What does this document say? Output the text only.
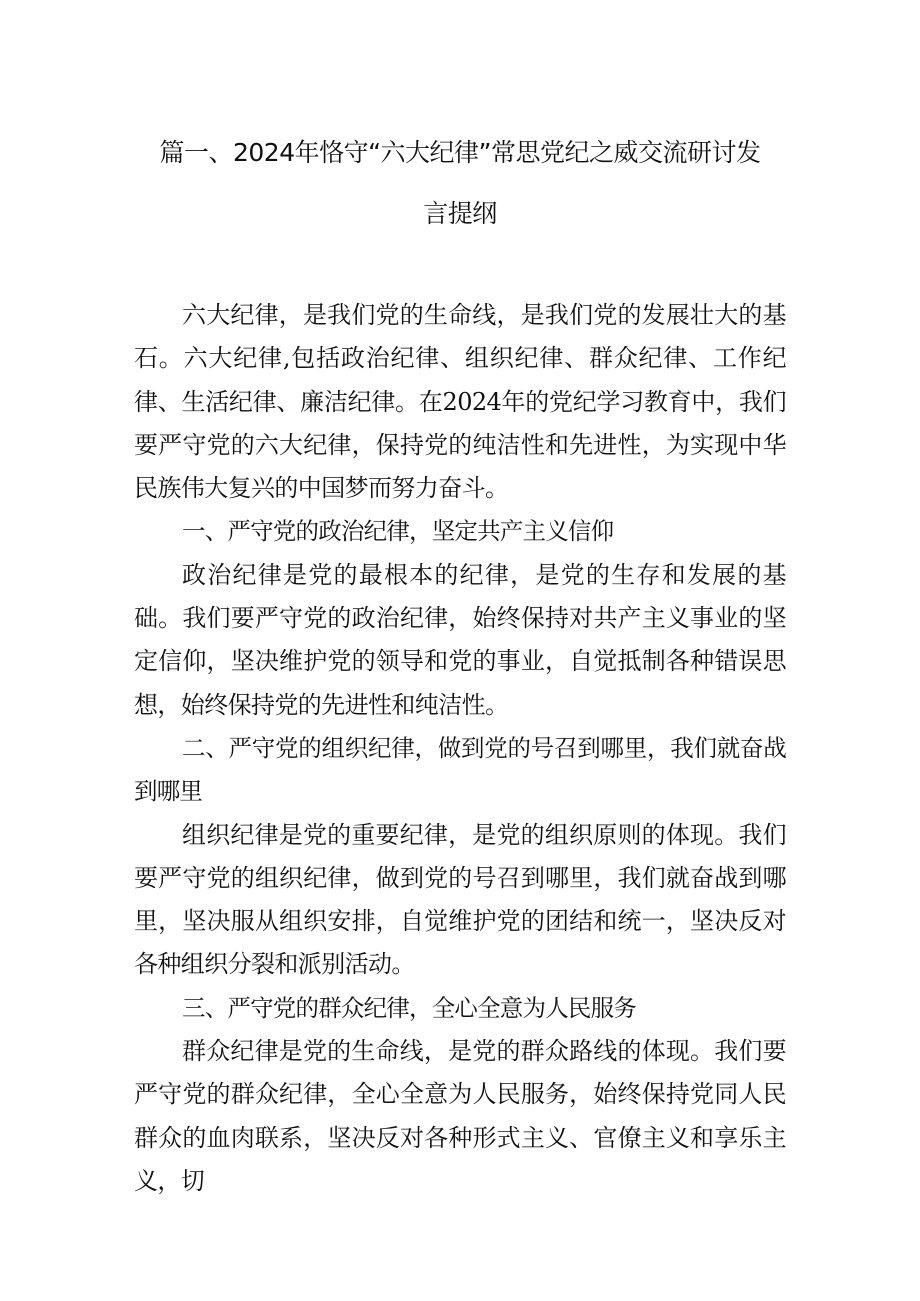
篇一、2024年恪守“六大纪律”常思党纪之威交流研讨发
言提纲

六大纪律，是我们党的生命线，是我们党的发展壮大的基石。六大纪律,包括政治纪律、组织纪律、群众纪律、工作纪律、生活纪律、廉洁纪律。在2024年的党纪学习教育中，我们要严守党的六大纪律，保持党的纯洁性和先进性，为实现中华民族伟大复兴的中国梦而努力奋斗。

一、严守党的政治纪律，坚定共产主义信仰

政治纪律是党的最根本的纪律，是党的生存和发展的基础。我们要严守党的政治纪律，始终保持对共产主义事业的坚定信仰，坚决维护党的领导和党的事业，自觉抵制各种错误思想，始终保持党的先进性和纯洁性。

二、严守党的组织纪律，做到党的号召到哪里，我们就奋战到哪里

组织纪律是党的重要纪律，是党的组织原则的体现。我们要严守党的组织纪律，做到党的号召到哪里，我们就奋战到哪里，坚决服从组织安排，自觉维护党的团结和统一，坚决反对各种组织分裂和派别活动。

三、严守党的群众纪律，全心全意为人民服务

群众纪律是党的生命线，是党的群众路线的体现。我们要严守党的群众纪律，全心全意为人民服务，始终保持党同人民群众的血肉联系，坚决反对各种形式主义、官僚主义和享乐主义，切
